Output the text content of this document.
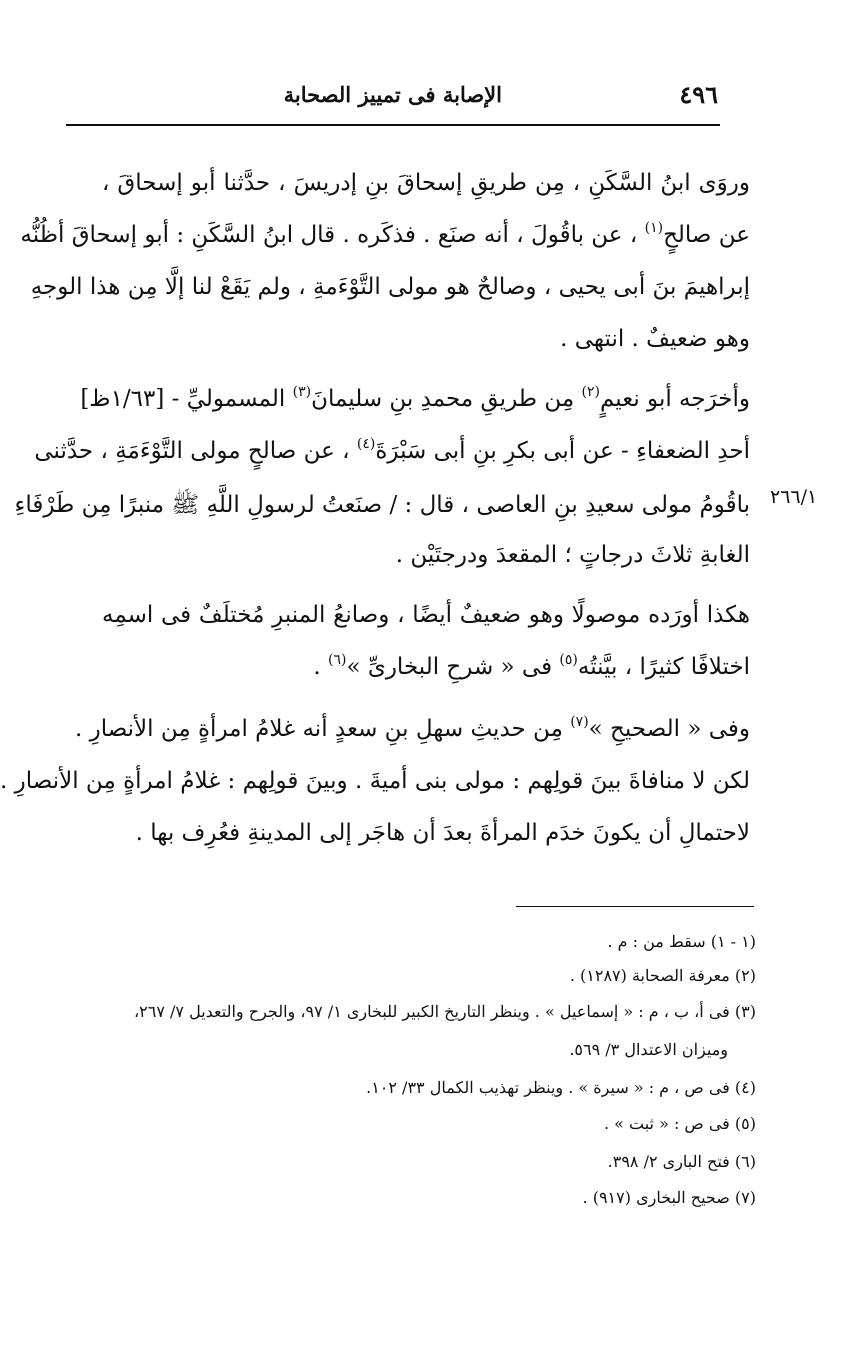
٤٩٦
الإصابة فى تمييز الصحابة
٢٦٦/١
وروَى ابنُ السَّكَنِ ، مِن طريقِ إسحاقَ بنِ إدريسَ ، حدَّثنا أبو إسحاقَ ،
عن صالحٍ$^{(١)}$ ، عن باقُولَ ، أنه صنَع . فذكَره . قال ابنُ السَّكَنِ : أبو إسحاقَ أظُنُّه
إبراهيمَ بنَ أبى يحيى ، وصالحٌ هو مولى التَّوْءَمةِ ، ولم يَقَعْ لنا إلَّا مِن هذا الوجهِ
وهو ضعيفٌ . انتهى .
وأخرَجه أبو نعيمٍ$^{(٢)}$ مِن طريقِ محمدِ بنِ سليمانَ$^{(٣)}$ المسموليِّ - [١/٦٣ظ]
أحدِ الضعفاءِ - عن أبى بكرِ بنِ أبى سَبْرَةَ$^{(٤)}$ ، عن صالحٍ مولى التَّوْءَمَةِ ، حدَّثنى
باقُومُ مولى سعيدِ بنِ العاصى ، قال : / صنَعتُ لرسولِ اللَّهِ ﷺ منبرًا مِن طَرْفَاءِ
الغابةِ ثلاثَ درجاتٍ ؛ المقعدَ ودرجتَيْن .
هكذا أورَده موصولًا وهو ضعيفٌ أيضًا ، وصانعُ المنبرِ مُختلَفٌ فى اسمِه
اختلافًا كثيرًا ، بيَّنتُه$^{(٥)}$ فى « شرحِ البخارىِّ »$^{(٦)}$ .
وفى « الصحيحِ »$^{(٧)}$ مِن حديثِ سهلِ بنِ سعدٍ أنه غلامُ امرأةٍ مِن الأنصارِ .
لكن لا منافاةَ بينَ قولِهم : مولى بنى أميةَ . وبينَ قولِهم : غلامُ امرأةٍ مِن الأنصارِ .
لاحتمالِ أن يكونَ خدَم المرأةَ بعدَ أن هاجَر إلى المدينةِ فعُرِف بها .
(١ - ١) سقط من : م .
(٢) معرفة الصحابة (١٢٨٧) .
(٣) فى أ، ب ، م : « إسماعيل » . وينظر التاريخ الكبير للبخارى ١/ ٩٧، والجرح والتعديل ٧/ ٢٦٧،
وميزان الاعتدال ٣/ ٥٦٩.
(٤) فى ص ، م : « سيرة » . وينظر تهذيب الكمال ٣٣/ ١٠٢.
(٥) فى ص : « ثبت » .
(٦) فتح البارى ٢/ ٣٩٨.
(٧) صحيح البخارى (٩١٧) .
